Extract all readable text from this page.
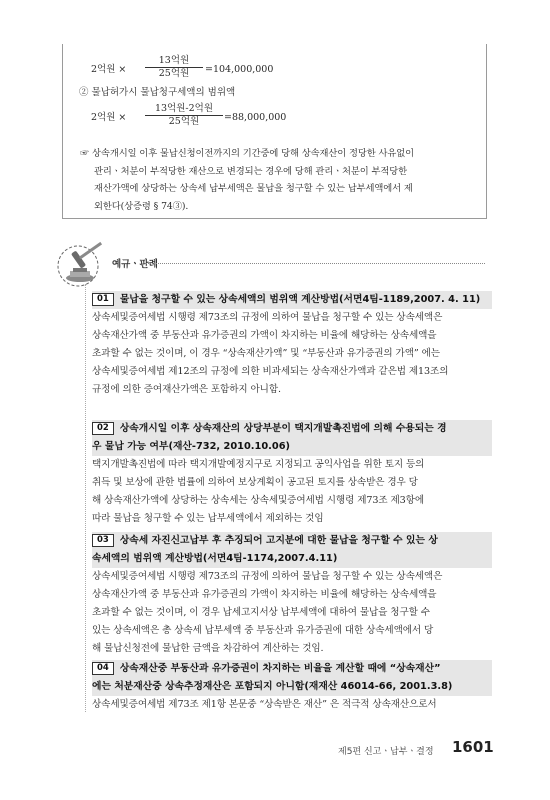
2억원 ×
13억원
25억원	=104,000,000
② 물납허가시 물납청구세액의 범위액
2억원 ×
13억원-2억원
25억원	=88,000,000

☞ 상속개시일 이후 물납신청이전까지의 기간중에 당해 상속재산이 정당한 사유없이

관리ㆍ처분이 부적당한 재산으로 변경되는 경우에 당해 관리ㆍ처분이 부적당한

재산가액에 상당하는 상속세 납부세액은 물납을 청구할 수 있는 납부세액에서 제

외한다(상증령 § 74③).

예규ㆍ판례

01 물납을 청구할 수 있는 상속세액의 범위액 계산방법(서면4팀-1189,2007. 4. 11)

상속세및증여세법 시행령 제73조의 규정에 의하여 물납을 청구할 수 있는 상속세액은

상속재산가액 중 부동산과 유가증권의 가액이 차지하는 비율에 해당하는 상속세액을

초과할 수 없는 것이며, 이 경우 “상속재산가액” 및 “부동산과 유가증권의 가액” 에는

상속세및증여세법 제12조의 규정에 의한 비과세되는 상속재산가액과 같은법 제13조의

규정에 의한 증여재산가액은 포함하지 아니함.

02 상속개시일 이후 상속재산의 상당부분이 택지개발촉진법에 의해 수용되는 경

우 물납 가능 여부(재산-732, 2010.10.06)

택지개발촉진법에 따라 택지개발예정지구로 지정되고 공익사업을 위한 토지 등의

취득 및 보상에 관한 법률에 의하여 보상계획이 공고된 토지를 상속받은 경우 당

해 상속재산가액에 상당하는 상속세는 상속세및증여세법 시행령 제73조 제3항에

따라 물납을 청구할 수 있는 납부세액에서 제외하는 것임

03 상속세 자진신고납부 후 추징되어 고지분에 대한 물납을 청구할 수 있는 상

속세액의 범위액 계산방법(서면4팀-1174,2007.4.11)

상속세및증여세법 시행령 제73조의 규정에 의하여 물납을 청구할 수 있는 상속세액은

상속재산가액 중 부동산과 유가증권의 가액이 차지하는 비율에 해당하는 상속세액을

초과할 수 없는 것이며, 이 경우 납세고지서상 납부세액에 대하여 물납을 청구할 수

있는 상속세액은 총 상속세 납부세액 중 부동산과 유가증권에 대한 상속세액에서 당

해 물납신청전에 물납한 금액을 차감하여 계산하는 것임.

04 상속재산중 부동산과 유가증권이 차지하는 비율을 계산할 때에 “상속재산”

에는 처분재산중 상속추정재산은 포함되지 아니함(재재산 46014-66, 2001.3.8)

상속세및증여세법 제73조 제1항 본문중 “상속받은 재산” 은 적극적 상속재산으로서

제5편 신고ㆍ납부ㆍ결정 1601
